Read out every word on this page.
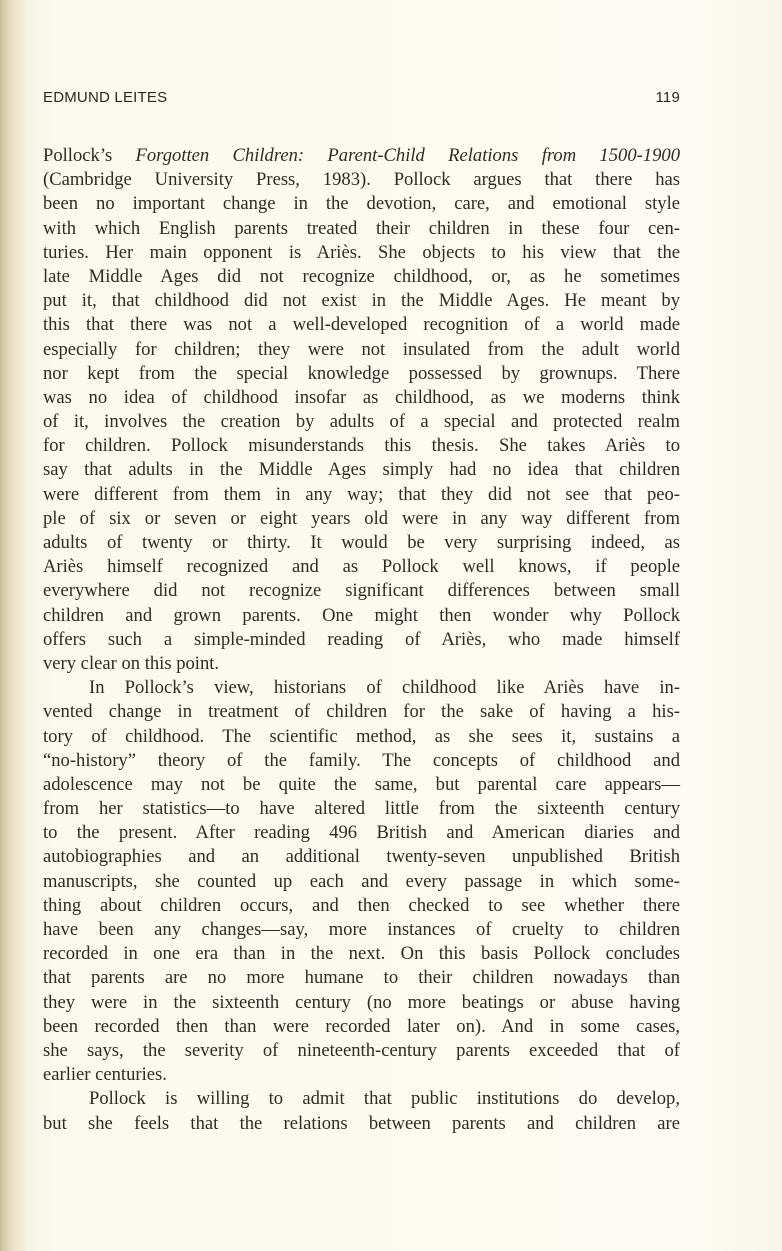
EDMUND LEITES	119
Pollock’s Forgotten Children: Parent-Child Relations from 1500-1900
(Cambridge University Press, 1983). Pollock argues that there has
been no important change in the devotion, care, and emotional style
with which English parents treated their children in these four cen-
turies. Her main opponent is Ariès. She objects to his view that the
late Middle Ages did not recognize childhood, or, as he sometimes
put it, that childhood did not exist in the Middle Ages. He meant by
this that there was not a well-developed recognition of a world made
especially for children; they were not insulated from the adult world
nor kept from the special knowledge possessed by grownups. There
was no idea of childhood insofar as childhood, as we moderns think
of it, involves the creation by adults of a special and protected realm
for children. Pollock misunderstands this thesis. She takes Ariès to
say that adults in the Middle Ages simply had no idea that children
were different from them in any way; that they did not see that peo-
ple of six or seven or eight years old were in any way different from
adults of twenty or thirty. It would be very surprising indeed, as
Ariès himself recognized and as Pollock well knows, if people
everywhere did not recognize significant differences between small
children and grown parents. One might then wonder why Pollock
offers such a simple-minded reading of Ariès, who made himself
very clear on this point.
In Pollock’s view, historians of childhood like Ariès have in-
vented change in treatment of children for the sake of having a his-
tory of childhood. The scientific method, as she sees it, sustains a
“no-history” theory of the family. The concepts of childhood and
adolescence may not be quite the same, but parental care appears—
from her statistics—to have altered little from the sixteenth century
to the present. After reading 496 British and American diaries and
autobiographies and an additional twenty-seven unpublished British
manuscripts, she counted up each and every passage in which some-
thing about children occurs, and then checked to see whether there
have been any changes—say, more instances of cruelty to children
recorded in one era than in the next. On this basis Pollock concludes
that parents are no more humane to their children nowadays than
they were in the sixteenth century (no more beatings or abuse having
been recorded then than were recorded later on). And in some cases,
she says, the severity of nineteenth-century parents exceeded that of
earlier centuries.
Pollock is willing to admit that public institutions do develop,
but she feels that the relations between parents and children are
